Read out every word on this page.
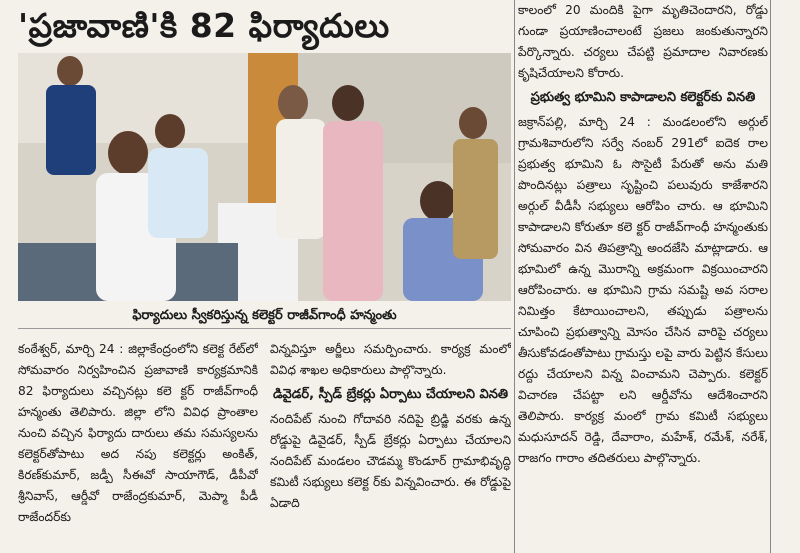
'ప్రజావాణి'కి 82 ఫిర్యాదులు
ఫిర్యాదులు స్వీకరిస్తున్న కలెక్టర్ రాజీవ్‌గాంధీ హన్మంతు

కంఠేశ్వర్, మార్చి 24 : జిల్లాకేంద్రంలోని కలెక్ట రేట్‌లో సోమవారం నిర్వహించిన ప్రజావాణి కార్యక్రమానికి 82 ఫిర్యాదులు వచ్చినట్లు కలె క్టర్ రాజీవ్‌గాంధీ హన్మంతు తెలిపారు. జిల్లా లోని వివిధ ప్రాంతాల నుంచి వచ్చిన ఫిర్యాదు దారులు తమ సమస్యలను కలెక్టర్‌తోపాటు అద నపు కలెక్టర్లు అంకిత్, కిరణ్‌కుమార్, జడ్పీ సీఈవో సాయాగౌడ్, డీపీవో శ్రీనివాస్, ఆర్డీవో రాజేంద్రకుమార్, మెప్మా పీడీ రాజేందర్‌కు

విన్నవిస్తూ అర్జీలు సమర్పించారు. కార్యక్ర మంలో వివిధ శాఖల అధికారులు పాల్గొన్నారు.

డివైడర్, స్పీడ్ బ్రేకర్లు ఏర్పాటు చేయాలని వినతి

నందిపేట్ నుంచి గోదావరి నదిపై బ్రిడ్జి వరకు ఉన్న రోడ్డుపై డివైడర్, స్పీడ్ బ్రేకర్లు ఏర్పాటు చేయాలని నందిపేట్ మండలం చౌడమ్మ కొండూర్ గ్రామాభివృద్ధి కమిటీ సభ్యులు కలెక్ట ర్‌కు విన్నవించారు. ఈ రోడ్డుపై ఏడాది

కాలంలో 20 మందికి పైగా మృతిచెందారని, రోడ్డు గుండా ప్రయాణించాలంటే ప్రజలు జంకుతున్నారని పేర్కొన్నారు. చర్యలు చేపట్టి ప్రమాదాల నివారణకు కృషిచేయాలని కోరారు.

ప్రభుత్వ భూమిని కాపాడాలని కలెక్టర్‌కు వినతి

జక్రాన్‌పల్లి, మార్చి 24 : మండలంలోని అర్గుల్ గ్రామశివారులోని సర్వే నంబర్ 291లో ఐదెక రాల ప్రభుత్వ భూమిని ఓ సొసైటీ పేరుతో అను మతి పొందినట్లు పత్రాలు సృష్టించి పలువురు కాజేశారని అర్గుల్ వీడీసీ సభ్యులు ఆరోపిం చారు. ఆ భూమిని కాపాడాలని కోరుతూ కలె క్టర్ రాజీవ్‌గాంధీ హన్మంతుకు సోమవారం విన తిపత్రాన్ని అందజేసి మాట్లాడారు. ఆ భూమిలో ఉన్న మొరాన్ని అక్రమంగా విక్రయించారని ఆరోపించారు. ఆ భూమిని గ్రామ సమష్టి అవ సరాల నిమిత్తం కేటాయించాలని, తప్పుడు పత్రాలను చూపించి ప్రభుత్వాన్ని మోసం చేసిన వారిపై చర్యలు తీసుకోవడంతోపాటు గ్రామస్తు లపై వారు పెట్టిన కేసులు రద్దు చేయాలని విన్న వించామని చెప్పారు. కలెక్టర్ విచారణ చేపట్టా లని ఆర్డీవోను ఆదేశించారని తెలిపారు. కార్యక్ర మంలో గ్రామ కమిటీ సభ్యులు మధుసూదన్ రెడ్డి, దేవారాం, మహేశ్, రమేశ్, నరేశ్, రాజగం గారాం తదితరులు పాల్గొన్నారు.
